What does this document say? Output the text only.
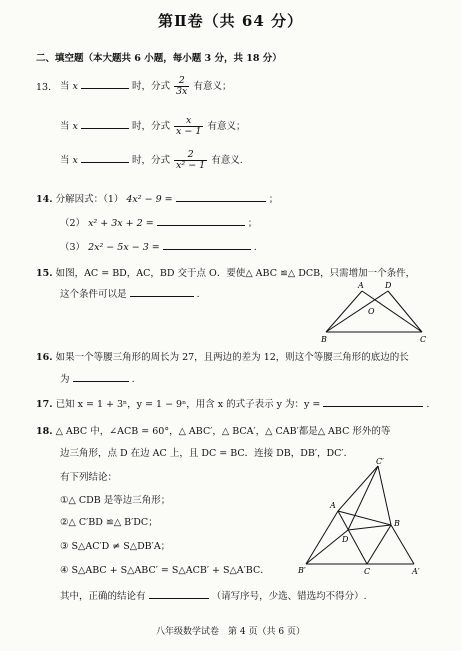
第Ⅱ卷（共 64 分）
二、填空题（本大题共 6 小题，每小题 3 分，共 18 分）
13. 当 x	时，分式 $\frac{2}{3x}$ 有意义；
当 x	时，分式 $\frac{x}{x - 1}$ 有意义；
当 x	时，分式 $\frac{2}{\text{x² − 1}}$ 有意义.
14. 分解因式：（1） 4x² − 9 =	；
（2） x² + 3x + 2 =	；
（3） 2x² − 5x − 3 =	.
15. 如图，AC = BD，AC，BD 交于点 O．要使△ ABC ≌△ DCB，只需增加一个条件，
这个条件可以是	.
A	D
O
B	C
16. 如果一个等腰三角形的周长为 27，且两边的差为 12，则这个等腰三角形的底边的长
为	.
17. 已知 x = 1 + 3ⁿ，y = 1 − 9ⁿ，用含 x 的式子表示 y 为：y =	.
18. △ ABC 中，∠ACB = 60°，△ ABC′，△ BCA′，△ CAB′都是△ ABC 形外的等
边三角形，点 D 在边 AC 上，且 DC = BC．连接 DB，DB′，DC′．
有下列结论：
①△ CDB 是等边三角形；
②△ C′BD ≌△ B′DC；
③ S△AC′D ≠ S△DB′A；
④ S△ABC + S△ABC′ = S△ACB′ + S△A′BC．
其中，正确的结论有	（请写序号，少选、错选均不得分）.
C′
A
B
D
B′	C	A′
八年级数学试卷　第 4 页（共 6 页）
